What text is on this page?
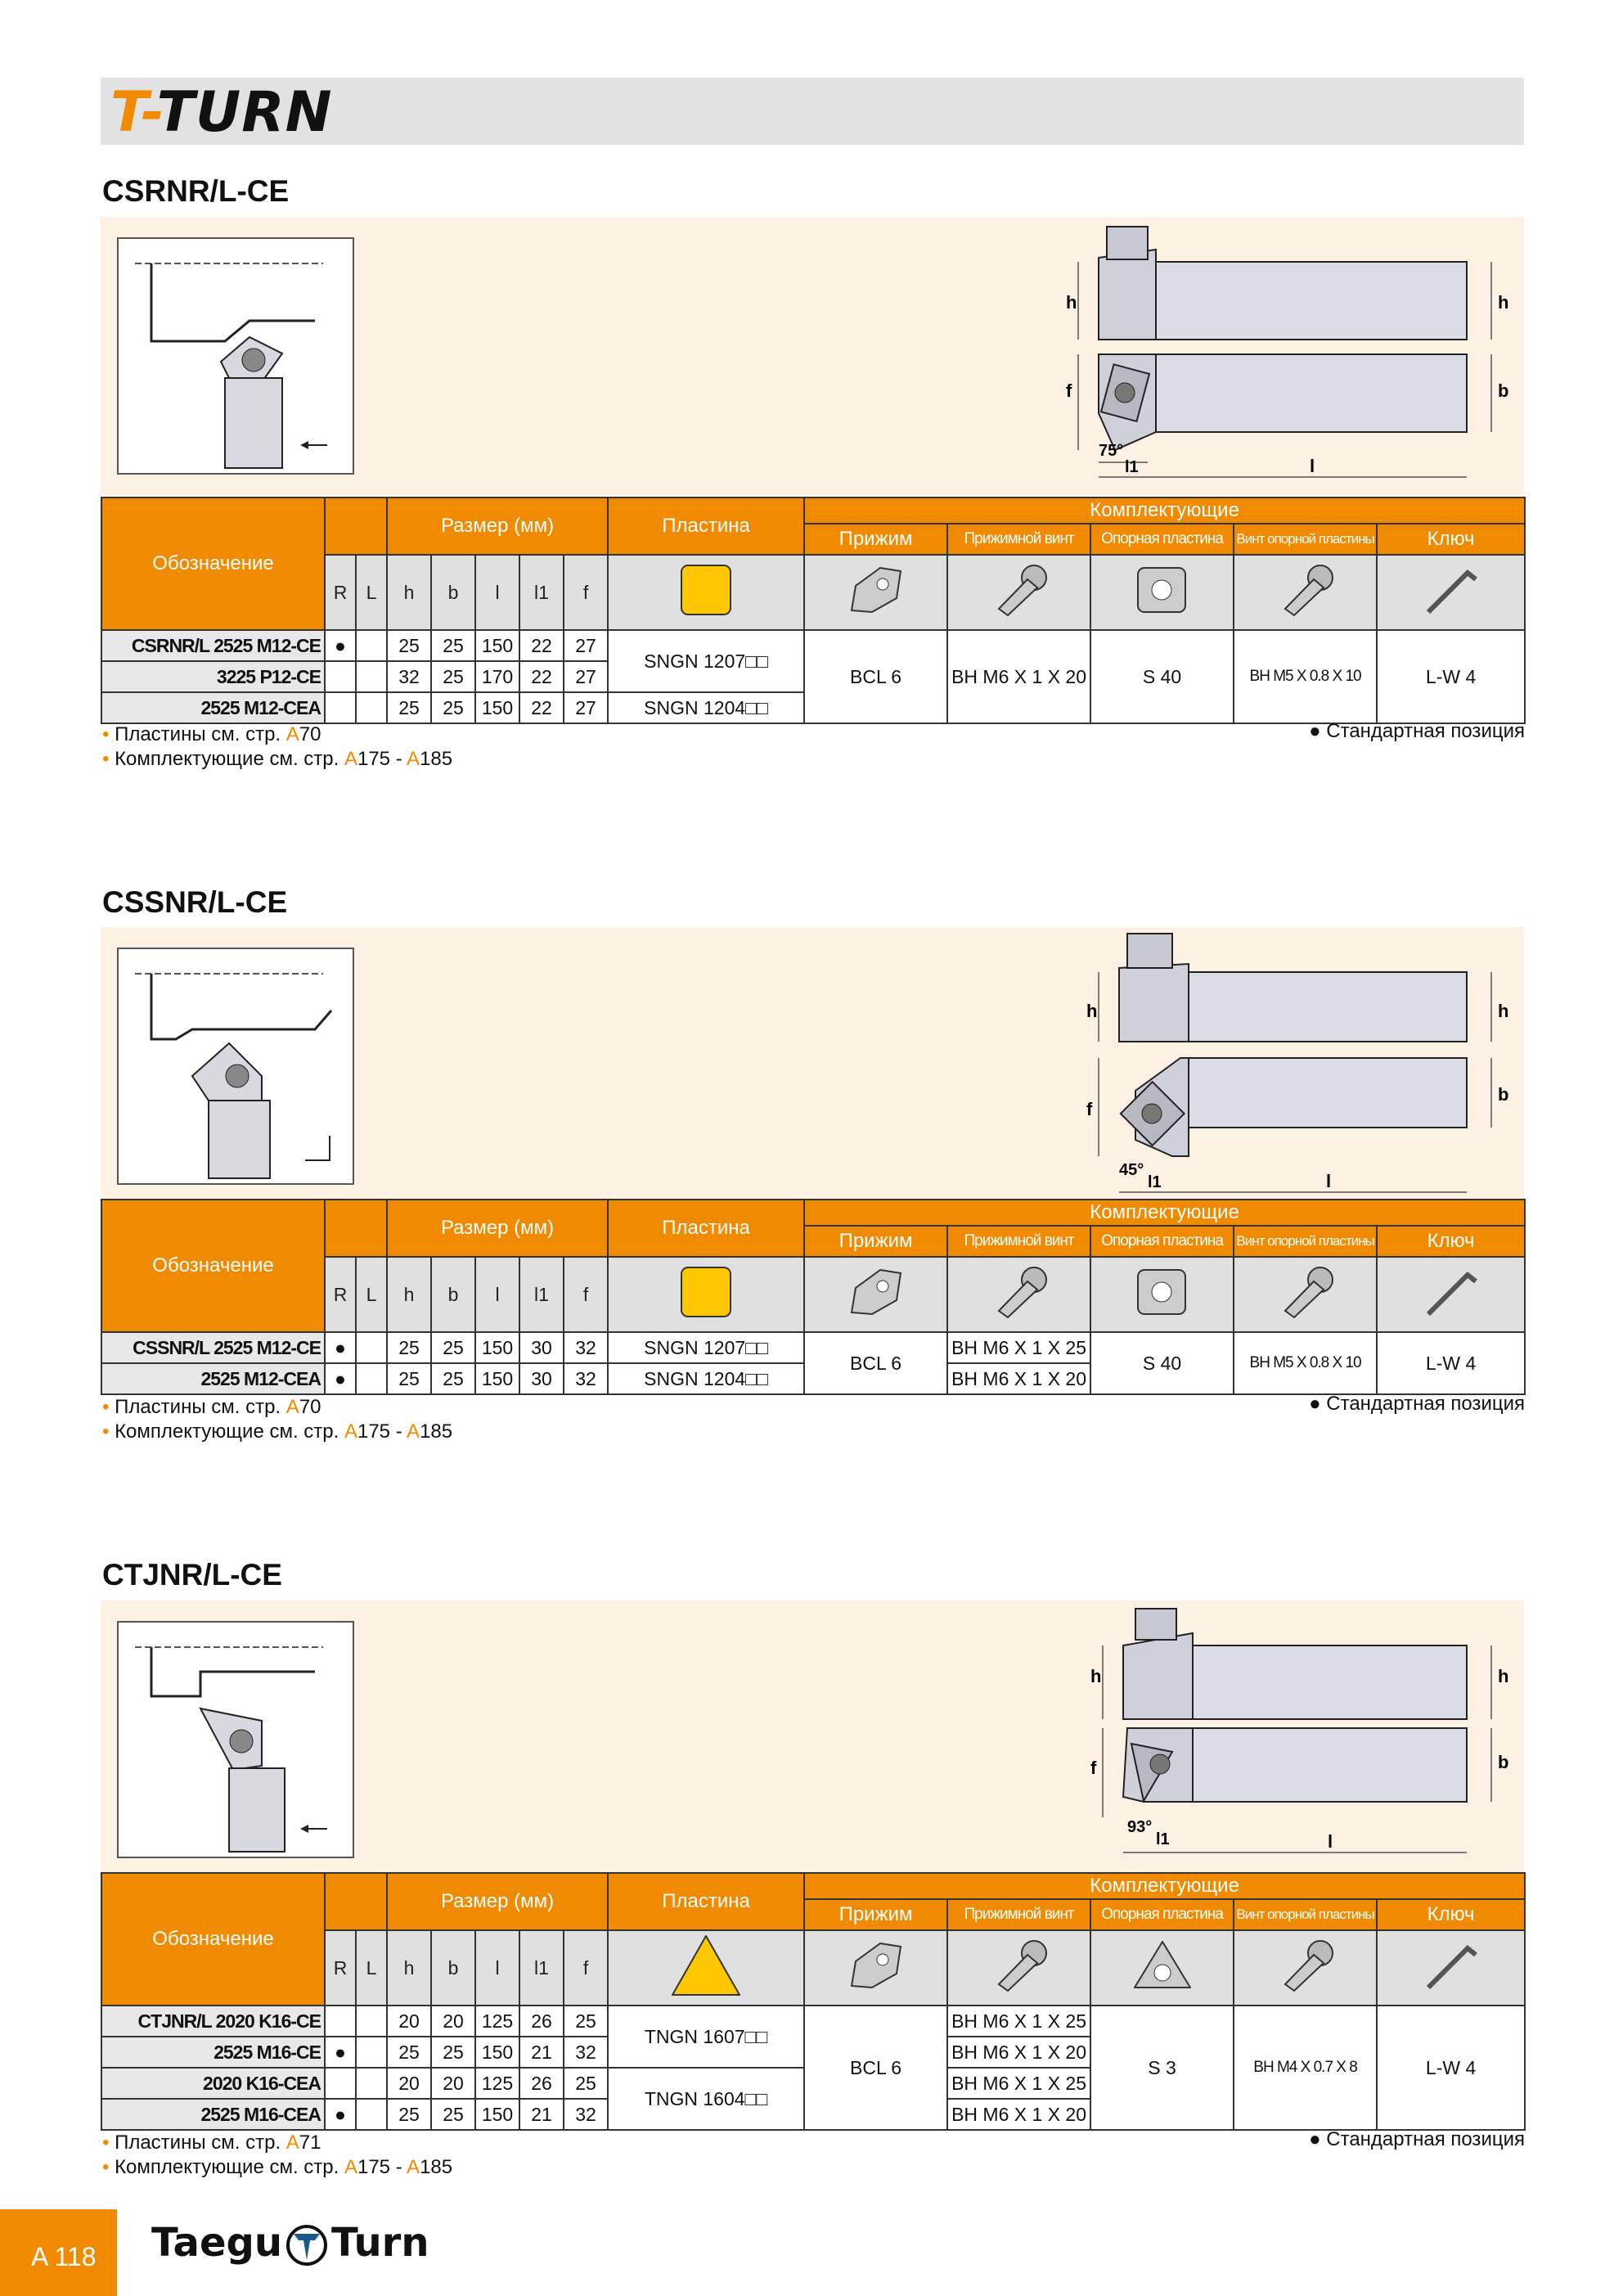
T-TURN
CSRNR/L-CE
h	h
b
f
75°
l1	l
Обозначение			Размер (мм)					Пластина	Комплектующие				
									Прижим	Прижимной винт	Опорная пластина	Винт опорной пластины	Ключ
	R	L	h	b	l	l1	f						
CSRNR/L 2525 M12-CE	●		25	25	150	22	27	SNGN 1207□□	BCL 6	BH M6 X 1 X 20	S 40	BH M5 X 0.8 X 10	L-W 4
3225 P12-CE			32	25	170	22	27						
2525 M12-CEA			25	25	150	22	27	SNGN 1204□□					
• Пластины см. стр. A70
• Комплектующие см. стр. A175 - A185
● Стандартная позиция
CSSNR/L-CE
h	h
b
f
45°
l1	l
Обозначение			Размер (мм)					Пластина	Комплектующие				
									Прижим	Прижимной винт	Опорная пластина	Винт опорной пластины	Ключ
	R	L	h	b	l	l1	f						
CSSNR/L 2525 M12-CE	●		25	25	150	30	32	SNGN 1207□□	BCL 6	BH M6 X 1 X 25	S 40	BH M5 X 0.8 X 10	L-W 4
2525 M12-CEA	●		25	25	150	30	32	SNGN 1204□□		BH M6 X 1 X 20			
• Пластины см. стр. A70
• Комплектующие см. стр. A175 - A185
● Стандартная позиция
CTJNR/L-CE
h	h
b
f
93°
l1	l
Обозначение			Размер (мм)					Пластина	Комплектующие				
									Прижим	Прижимной винт	Опорная пластина	Винт опорной пластины	Ключ
	R	L	h	b	l	l1	f						
CTJNR/L 2020 K16-CE			20	20	125	26	25	TNGN 1607□□	BCL 6	BH M6 X 1 X 25	S 3	BH M4 X 0.7 X 8	L-W 4
2525 M16-CE	●		25	25	150	21	32			BH M6 X 1 X 20			
2020 K16-CEA			20	20	125	26	25	TNGN 1604□□		BH M6 X 1 X 25			
2525 M16-CEA	●		25	25	150	21	32			BH M6 X 1 X 20			
• Пластины см. стр. A71
• Комплектующие см. стр. A175 - A185
● Стандартная позиция
A 118 Taegu Turn
